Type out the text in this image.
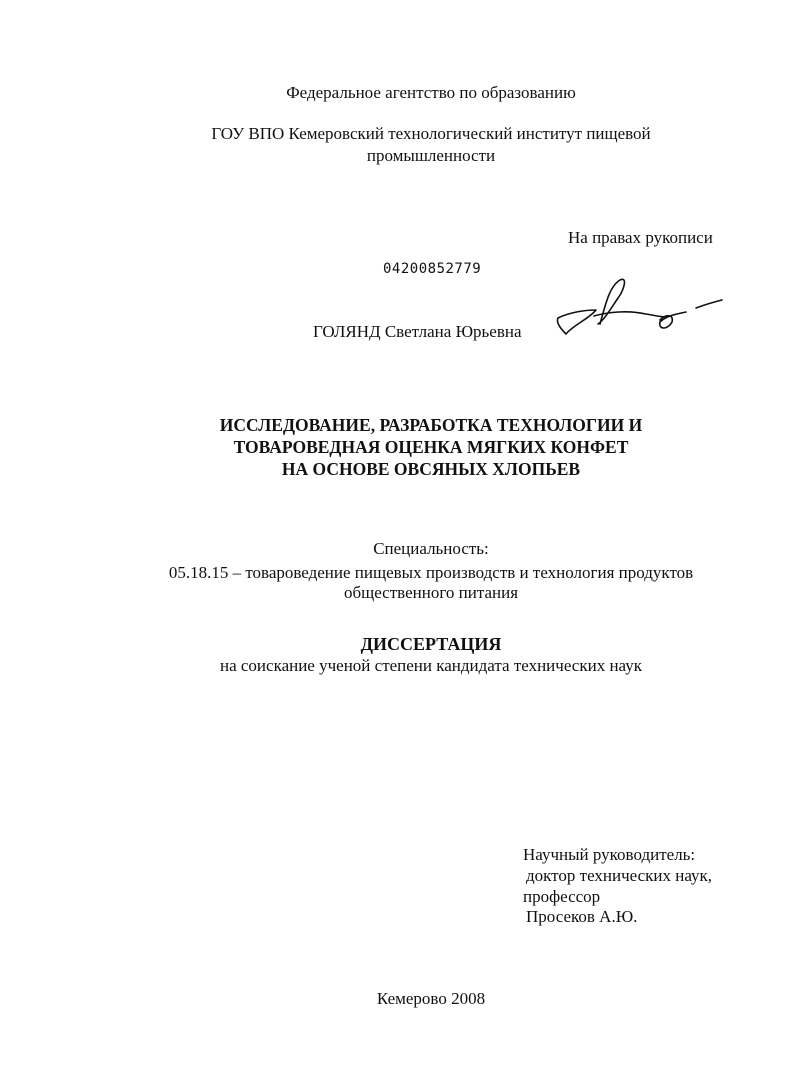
Федеральное агентство по образованию
ГОУ ВПО Кемеровский технологический институт пищевой
промышленности
На правах рукописи
04200852779
ГОЛЯНД Светлана Юрьевна
ИССЛЕДОВАНИЕ, РАЗРАБОТКА ТЕХНОЛОГИИ И
ТОВАРОВЕДНАЯ ОЦЕНКА МЯГКИХ КОНФЕТ
НА ОСНОВЕ ОВСЯНЫХ ХЛОПЬЕВ
Специальность:
05.18.15 – товароведение пищевых производств и технология продуктов
общественного питания
ДИССЕРТАЦИЯ
на соискание ученой степени кандидата технических наук
Научный руководитель:
доктор технических наук,
профессор
Просеков А.Ю.
Кемерово 2008
